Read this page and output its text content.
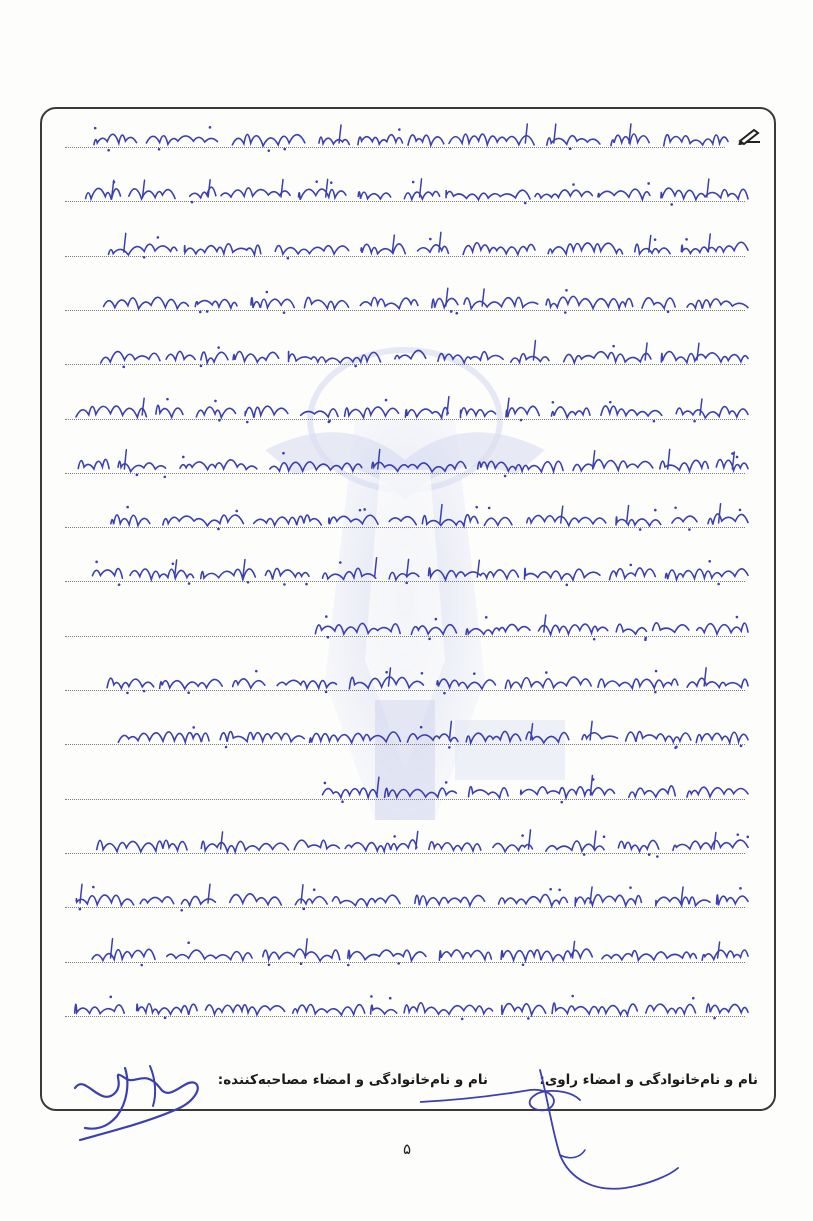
نام و نام‌خانوادگی و امضاء راوی:
نام و نام‌خانوادگی و امضاء مصاحبه‌کننده:
۵
